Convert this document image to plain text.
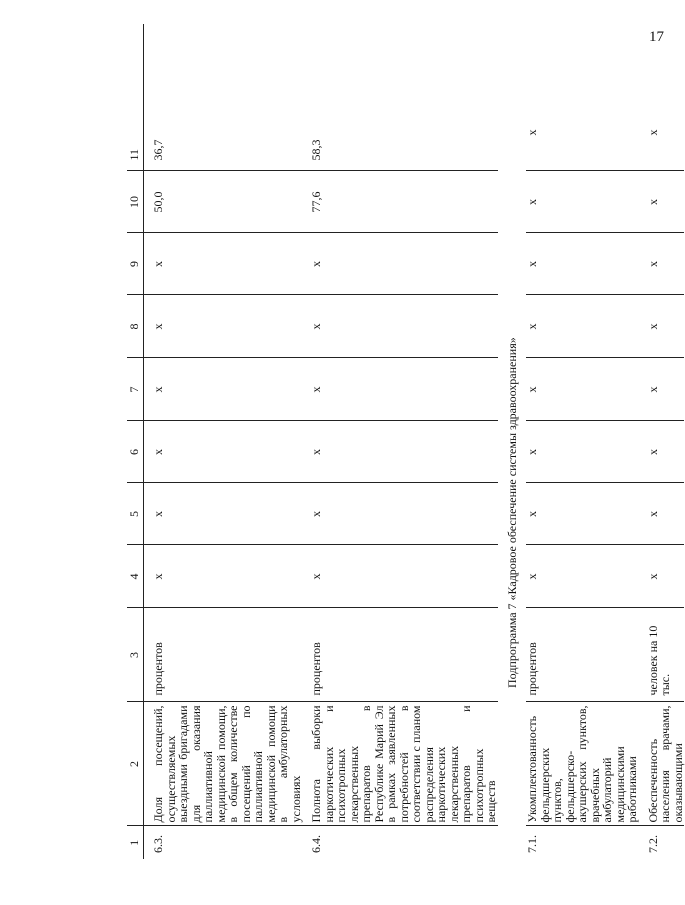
17
1	2	3	4	5	6	7	8	9	10	11

6.3.	Доля посещений, осуществляемых выездными бригадами для оказания паллиативной медицинской помощи, в общем количестве посещений по паллиативной медицинской помощи в амбулаторных условиях	процентов	х	х	х	х	х	х	50,0	36,7

6.4.	Полнота выборки наркотических и психотропных лекарственных препаратов в Республике Марий Эл в рамках заявленных потребностей в соответствии с планом распределения наркотических лекарственных препаратов и психотропных веществ	процентов	х	х	х	х	х	х	77,6	58,3
	Подпрограмма 7 «Кадровое обеспечение системы здравоохранения»									
7.1.	Укомплектованность фельдшерских пунктов, фельдшерско-акушерских пунктов, врачебных амбулаторий медицинскими работниками	процентов	х	х	х	х	х	х	х	х

7.2.	Обеспеченность населения врачами, оказывающими	человек на 10 тыс.	х	х	х	х	х	х	х	х
